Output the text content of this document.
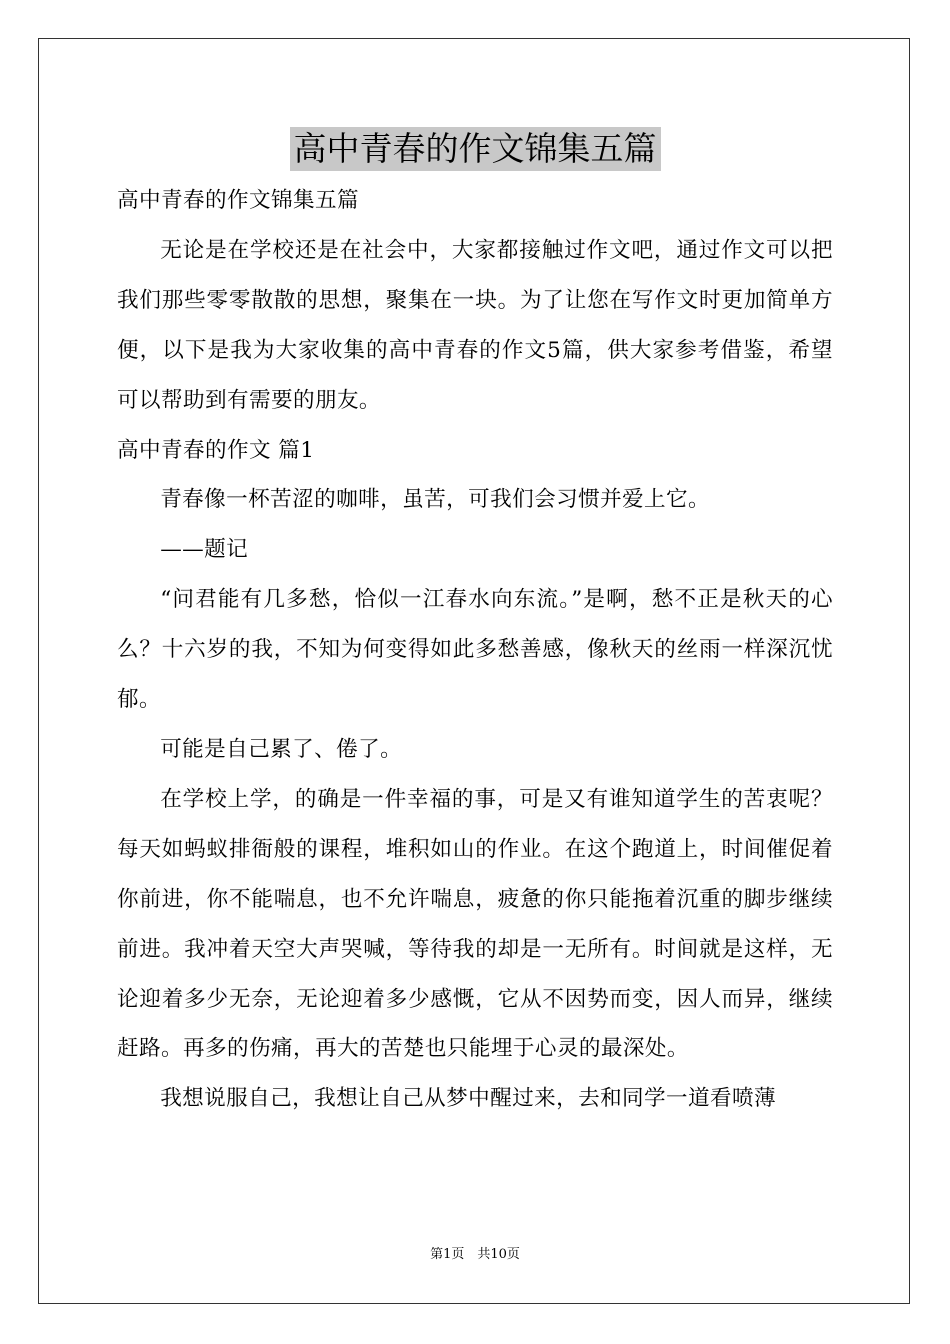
高中青春的作文锦集五篇

高中青春的作文锦集五篇

无论是在学校还是在社会中，大家都接触过作文吧，通过作文可以把我们那些零零散散的思想，聚集在一块。为了让您在写作文时更加简单方便，以下是我为大家收集的高中青春的作文5篇，供大家参考借鉴，希望可以帮助到有需要的朋友。

高中青春的作文 篇1

青春像一杯苦涩的咖啡，虽苦，可我们会习惯并爱上它。

——题记

“问君能有几多愁，恰似一江春水向东流。”是啊，愁不正是秋天的心么？十六岁的我，不知为何变得如此多愁善感，像秋天的丝雨一样深沉忧郁。

可能是自己累了、倦了。

在学校上学，的确是一件幸福的事，可是又有谁知道学生的苦衷呢？每天如蚂蚁排衙般的课程，堆积如山的作业。在这个跑道上，时间催促着你前进，你不能喘息，也不允许喘息，疲惫的你只能拖着沉重的脚步继续前进。我冲着天空大声哭喊，等待我的却是一无所有。时间就是这样，无论迎着多少无奈，无论迎着多少感慨，它从不因势而变，因人而异，继续赶路。再多的伤痛，再大的苦楚也只能埋于心灵的最深处。

我想说服自己，我想让自己从梦中醒过来，去和同学一道看喷薄

第1页　共10页
